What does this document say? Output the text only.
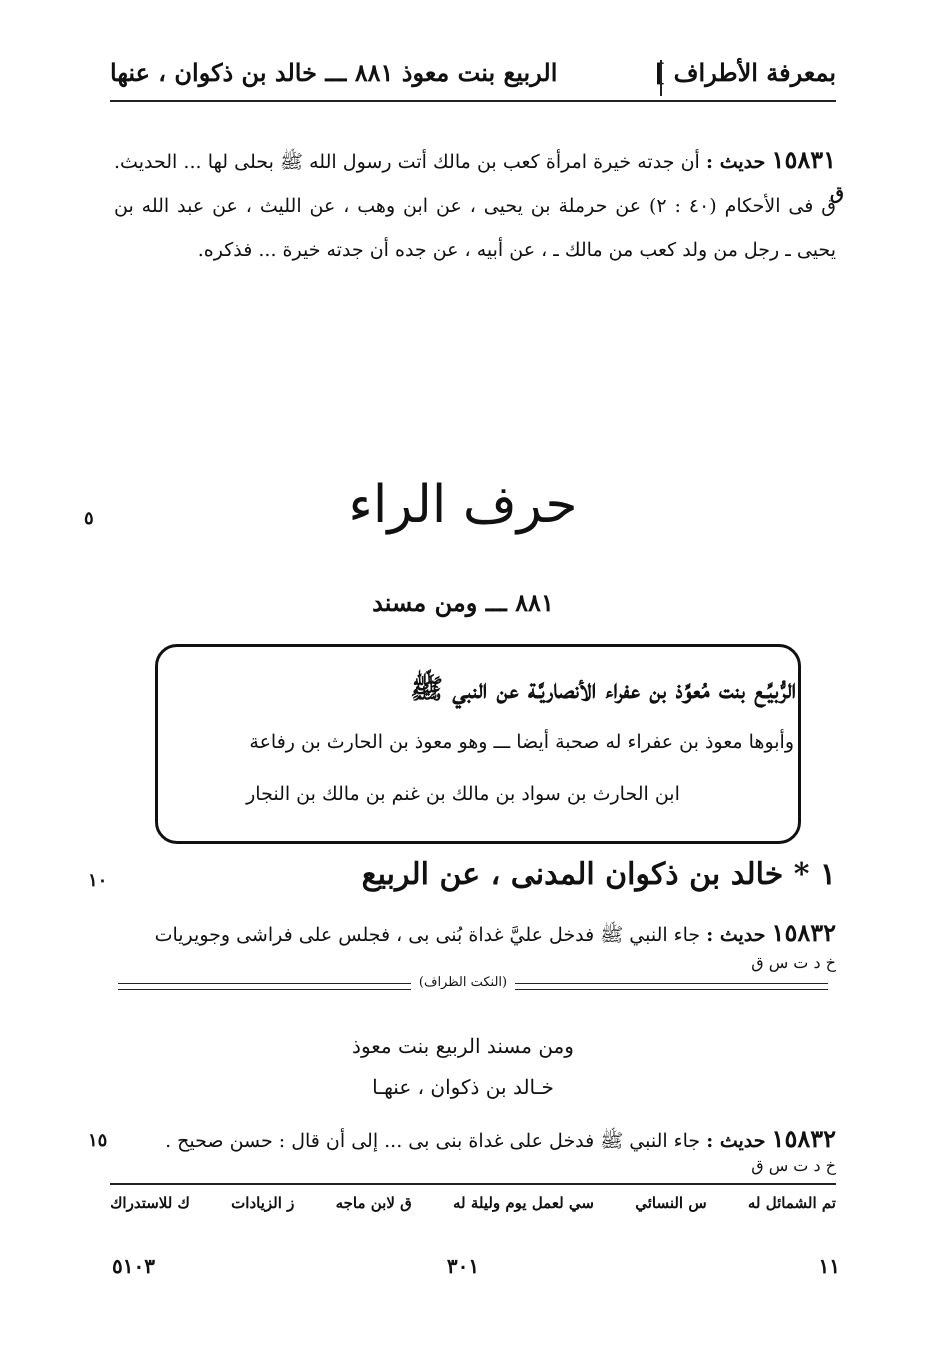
بمعرفة الأطراف ]
الربيع بنت معوذ ۸۸۱ ـــ خالد بن ذكوان ، عنها
١٥٨٣١ حديث : أن جدته خيرة امرأة كعب بن مالك أتت رسول الله ﷺ بحلى لها ... الحديث. ق فى الأحكام (٤٠ : ٢) عن حرملة بن يحيى ، عن ابن وهب ، عن الليث ، عن عبد الله بن يحيى ـ رجل من ولد كعب من مالك ـ ، عن أبيه ، عن جده أن جدته خيرة ... فذكره.
ق
حرف الراء
٥
٨٨١ ـــ ومن مسند
الرُّبيِّـع بنت مُعوِّذ بن عفراء الأنصاريَّـة عن النبي ﷺ
وأبوها معوذ بن عفراء له صحبة أيضا ـــ وهو معوذ بن الحارث بن رفاعة
ابن الحارث بن سواد بن مالك بن غنم بن مالك بن النجار
١٠	١ * خالد بن ذكوان المدنى ، عن الربيع
١٥٨٣٢ حديث : جاء النبي ﷺ فدخل عليَّ غداة بُنى بى ، فجلس على فراشى وجويريات
خ د ت س ق
(النكت الظراف)
ومن مسند الربيع بنت معوذ
خـالد بن ذكوان ، عنهـا
١٥	١٥٨٣٢ حديث : جاء النبي ﷺ فدخل على غداة بنى بى ... إلى أن قال : حسن صحيح .
خ د ت س ق
تم الشمائل له
س النسائي
سي لعمل يوم وليلة له
ق لابن ماجه
ز الزيادات
ك للاستدراك
١١
٣٠١
٥١٠٣
